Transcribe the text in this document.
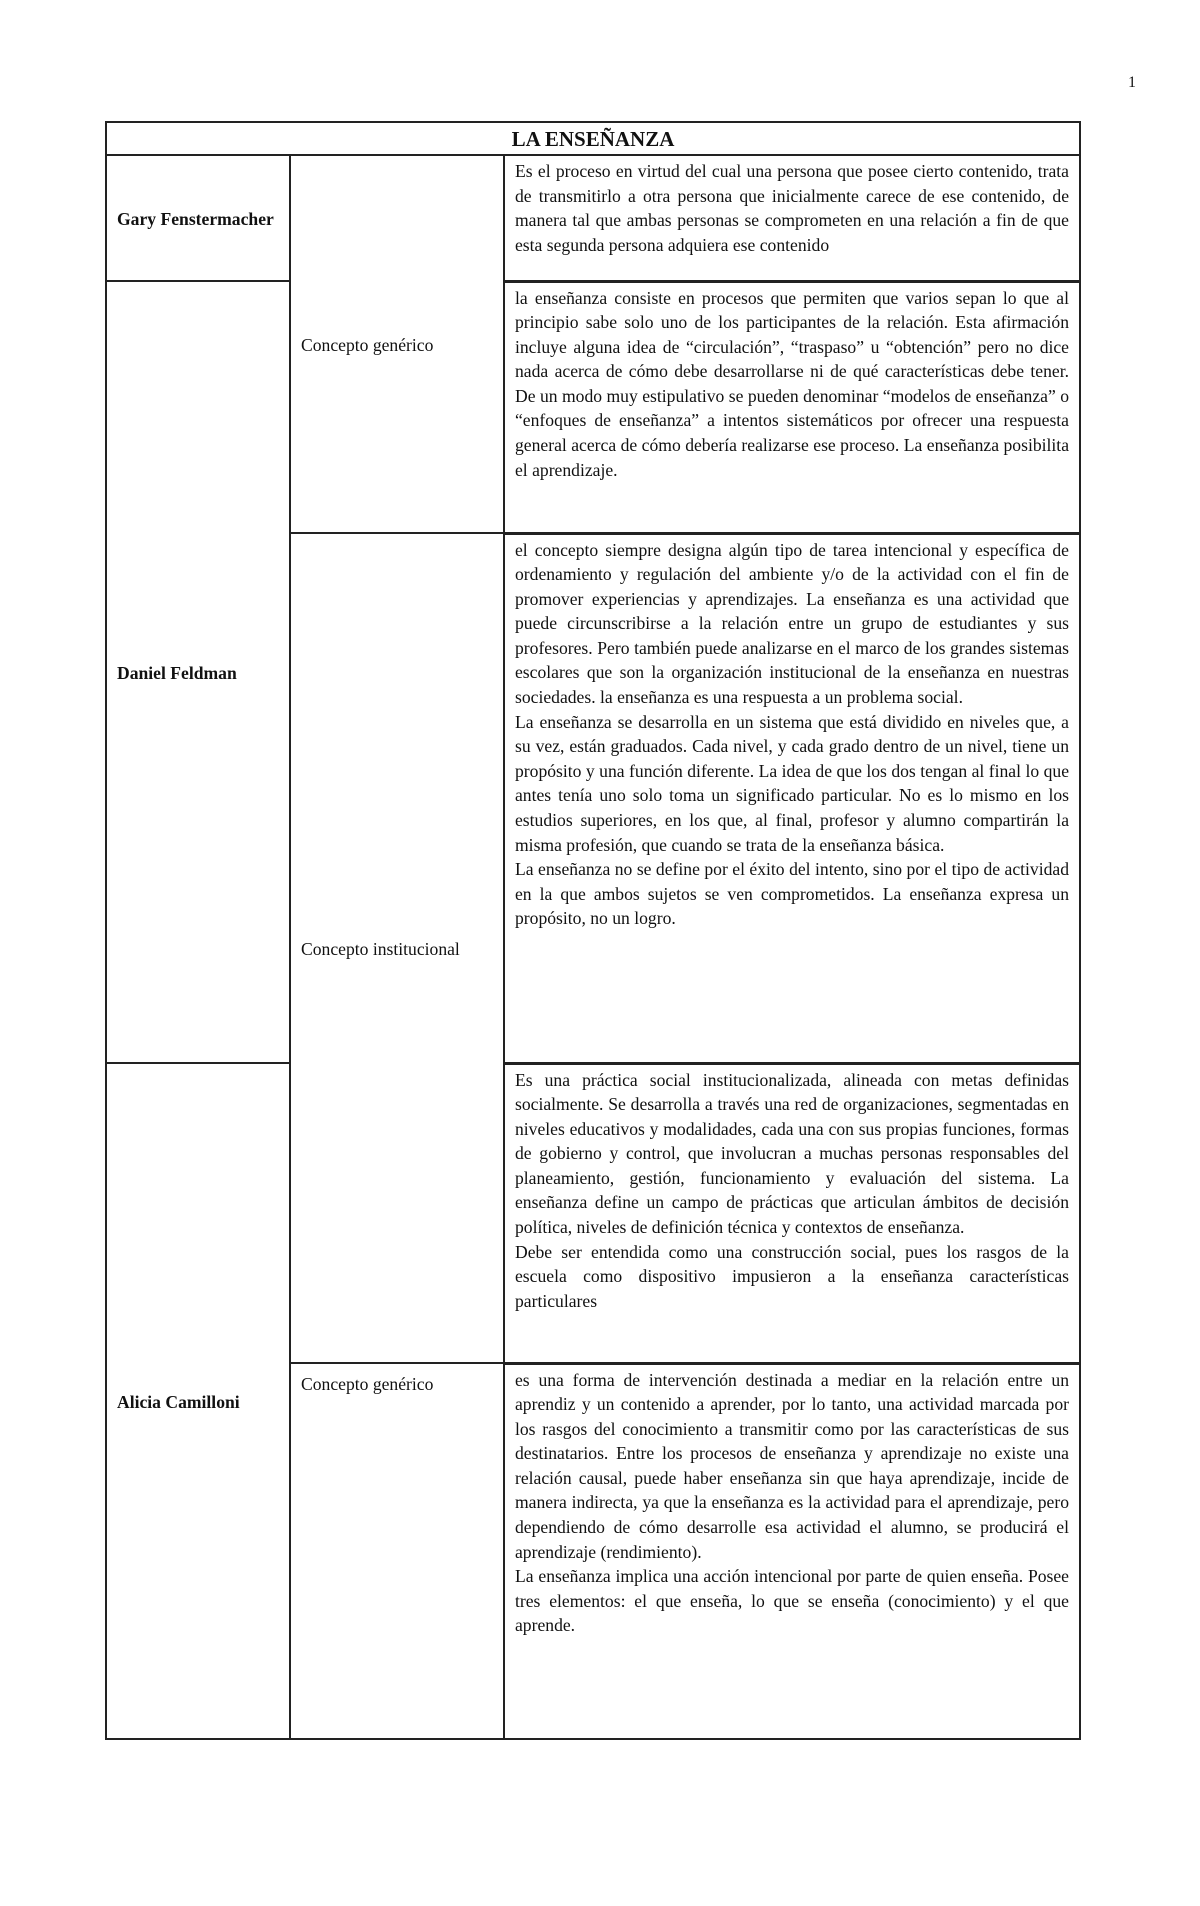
1
LA ENSEÑANZA		
Gary Fenstermacher	Concepto genérico	Es el proceso en virtud del cual una persona que posee cierto contenido, trata de transmitirlo a otra persona que inicialmente carece de ese contenido, de manera tal que ambas personas se comprometen en una relación a fin de que esta segunda persona adquiera ese contenido

Daniel Feldman		la enseñanza consiste en procesos que permiten que varios sepan lo que al principio sabe solo uno de los participantes de la relación. Esta afirmación incluye alguna idea de “circulación”, “traspaso” u “obtención” pero no dice nada acerca de cómo debe desarrollarse ni de qué características debe tener. De un modo muy estipulativo se pueden denominar “modelos de enseñanza” o “enfoques de enseñanza” a intentos sistemáticos por ofrecer una respuesta general acerca de cómo debería realizarse ese proceso. La enseñanza posibilita el aprendizaje.

	Concepto institucional	el concepto siempre designa algún tipo de tarea intencional y específica de ordenamiento y regulación del ambiente y/o de la actividad con el fin de promover experiencias y aprendizajes. La enseñanza es una actividad que puede circunscribirse a la relación entre un grupo de estudiantes y sus profesores. Pero también puede analizarse en el marco de los grandes sistemas escolares que son la organización institucional de la enseñanza en nuestras sociedades. la enseñanza es una respuesta a un problema social.

La enseñanza se desarrolla en un sistema que está dividido en niveles que, a su vez, están graduados. Cada nivel, y cada grado dentro de un nivel, tiene un propósito y una función diferente. La idea de que los dos tengan al final lo que antes tenía uno solo toma un significado particular. No es lo mismo en los estudios superiores, en los que, al final, profesor y alumno compartirán la misma profesión, que cuando se trata de la enseñanza básica.

La enseñanza no se define por el éxito del intento, sino por el tipo de actividad en la que ambos sujetos se ven comprometidos. La enseñanza expresa un propósito, no un logro.

Alicia Camilloni		Es una práctica social institucionalizada, alineada con metas definidas socialmente. Se desarrolla a través una red de organizaciones, segmentadas en niveles educativos y modalidades, cada una con sus propias funciones, formas de gobierno y control, que involucran a muchas personas responsables del planeamiento, gestión, funcionamiento y evaluación del sistema. La enseñanza define un campo de prácticas que articulan ámbitos de decisión política, niveles de definición técnica y contextos de enseñanza.

Debe ser entendida como una construcción social, pues los rasgos de la escuela como dispositivo impusieron a la enseñanza características particulares

	Concepto genérico	es una forma de intervención destinada a mediar en la relación entre un aprendiz y un contenido a aprender, por lo tanto, una actividad marcada por los rasgos del conocimiento a transmitir como por las características de sus destinatarios. Entre los procesos de enseñanza y aprendizaje no existe una relación causal, puede haber enseñanza sin que haya aprendizaje, incide de manera indirecta, ya que la enseñanza es la actividad para el aprendizaje, pero dependiendo de cómo desarrolle esa actividad el alumno, se producirá el aprendizaje (rendimiento).

La enseñanza implica una acción intencional por parte de quien enseña. Posee tres elementos: el que enseña, lo que se enseña (conocimiento) y el que aprende.
